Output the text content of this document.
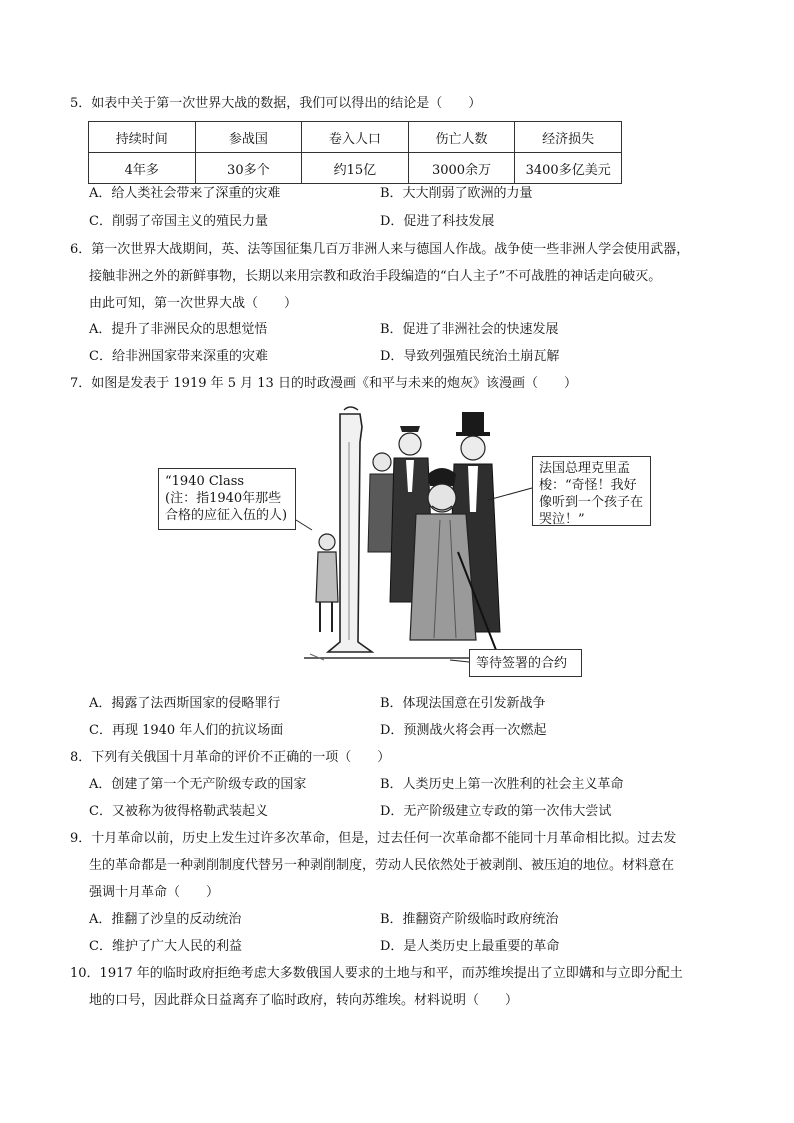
5．如表中关于第一次世界大战的数据，我们可以得出的结论是（　　）
持续时间	参战国	卷入人口	伤亡人数	经济损失
4年多	30多个	约15亿	3000余万	3400多亿美元
A．给人类社会带来了深重的灾难	B．大大削弱了欧洲的力量
C．削弱了帝国主义的殖民力量	D．促进了科技发展
6．第一次世界大战期间，英、法等国征集几百万非洲人来与德国人作战。战争使一些非洲人学会使用武器，
接触非洲之外的新鲜事物，长期以来用宗教和政治手段编造的“白人主子”不可战胜的神话走向破灭。
由此可知，第一次世界大战（　　）
A．提升了非洲民众的思想觉悟	B．促进了非洲社会的快速发展
C．给非洲国家带来深重的灾难	D．导致列强殖民统治土崩瓦解
7．如图是发表于 1919 年 5 月 13 日的时政漫画《和平与未来的炮灰》该漫画（　　）
“1940 Class
(注：指1940年那些合格的应征入伍的人)
法国总理克里孟梭：“奇怪！我好像听到一个孩子在哭泣！”
等待签署的合约
A．揭露了法西斯国家的侵略罪行	B．体现法国意在引发新战争
C．再现 1940 年人们的抗议场面	D．预测战火将会再一次燃起
8．下列有关俄国十月革命的评价不正确的一项（　　）
A．创建了第一个无产阶级专政的国家	B．人类历史上第一次胜利的社会主义革命
C．又被称为彼得格勒武装起义	D．无产阶级建立专政的第一次伟大尝试
9．十月革命以前，历史上发生过许多次革命，但是，过去任何一次革命都不能同十月革命相比拟。过去发
生的革命都是一种剥削制度代替另一种剥削制度，劳动人民依然处于被剥削、被压迫的地位。材料意在
强调十月革命（　　）
A．推翻了沙皇的反动统治	B．推翻资产阶级临时政府统治
C．维护了广大人民的利益	D．是人类历史上最重要的革命
10．1917 年的临时政府拒绝考虑大多数俄国人要求的土地与和平，而苏维埃提出了立即媾和与立即分配土
地的口号，因此群众日益离弃了临时政府，转向苏维埃。材料说明（　　）
